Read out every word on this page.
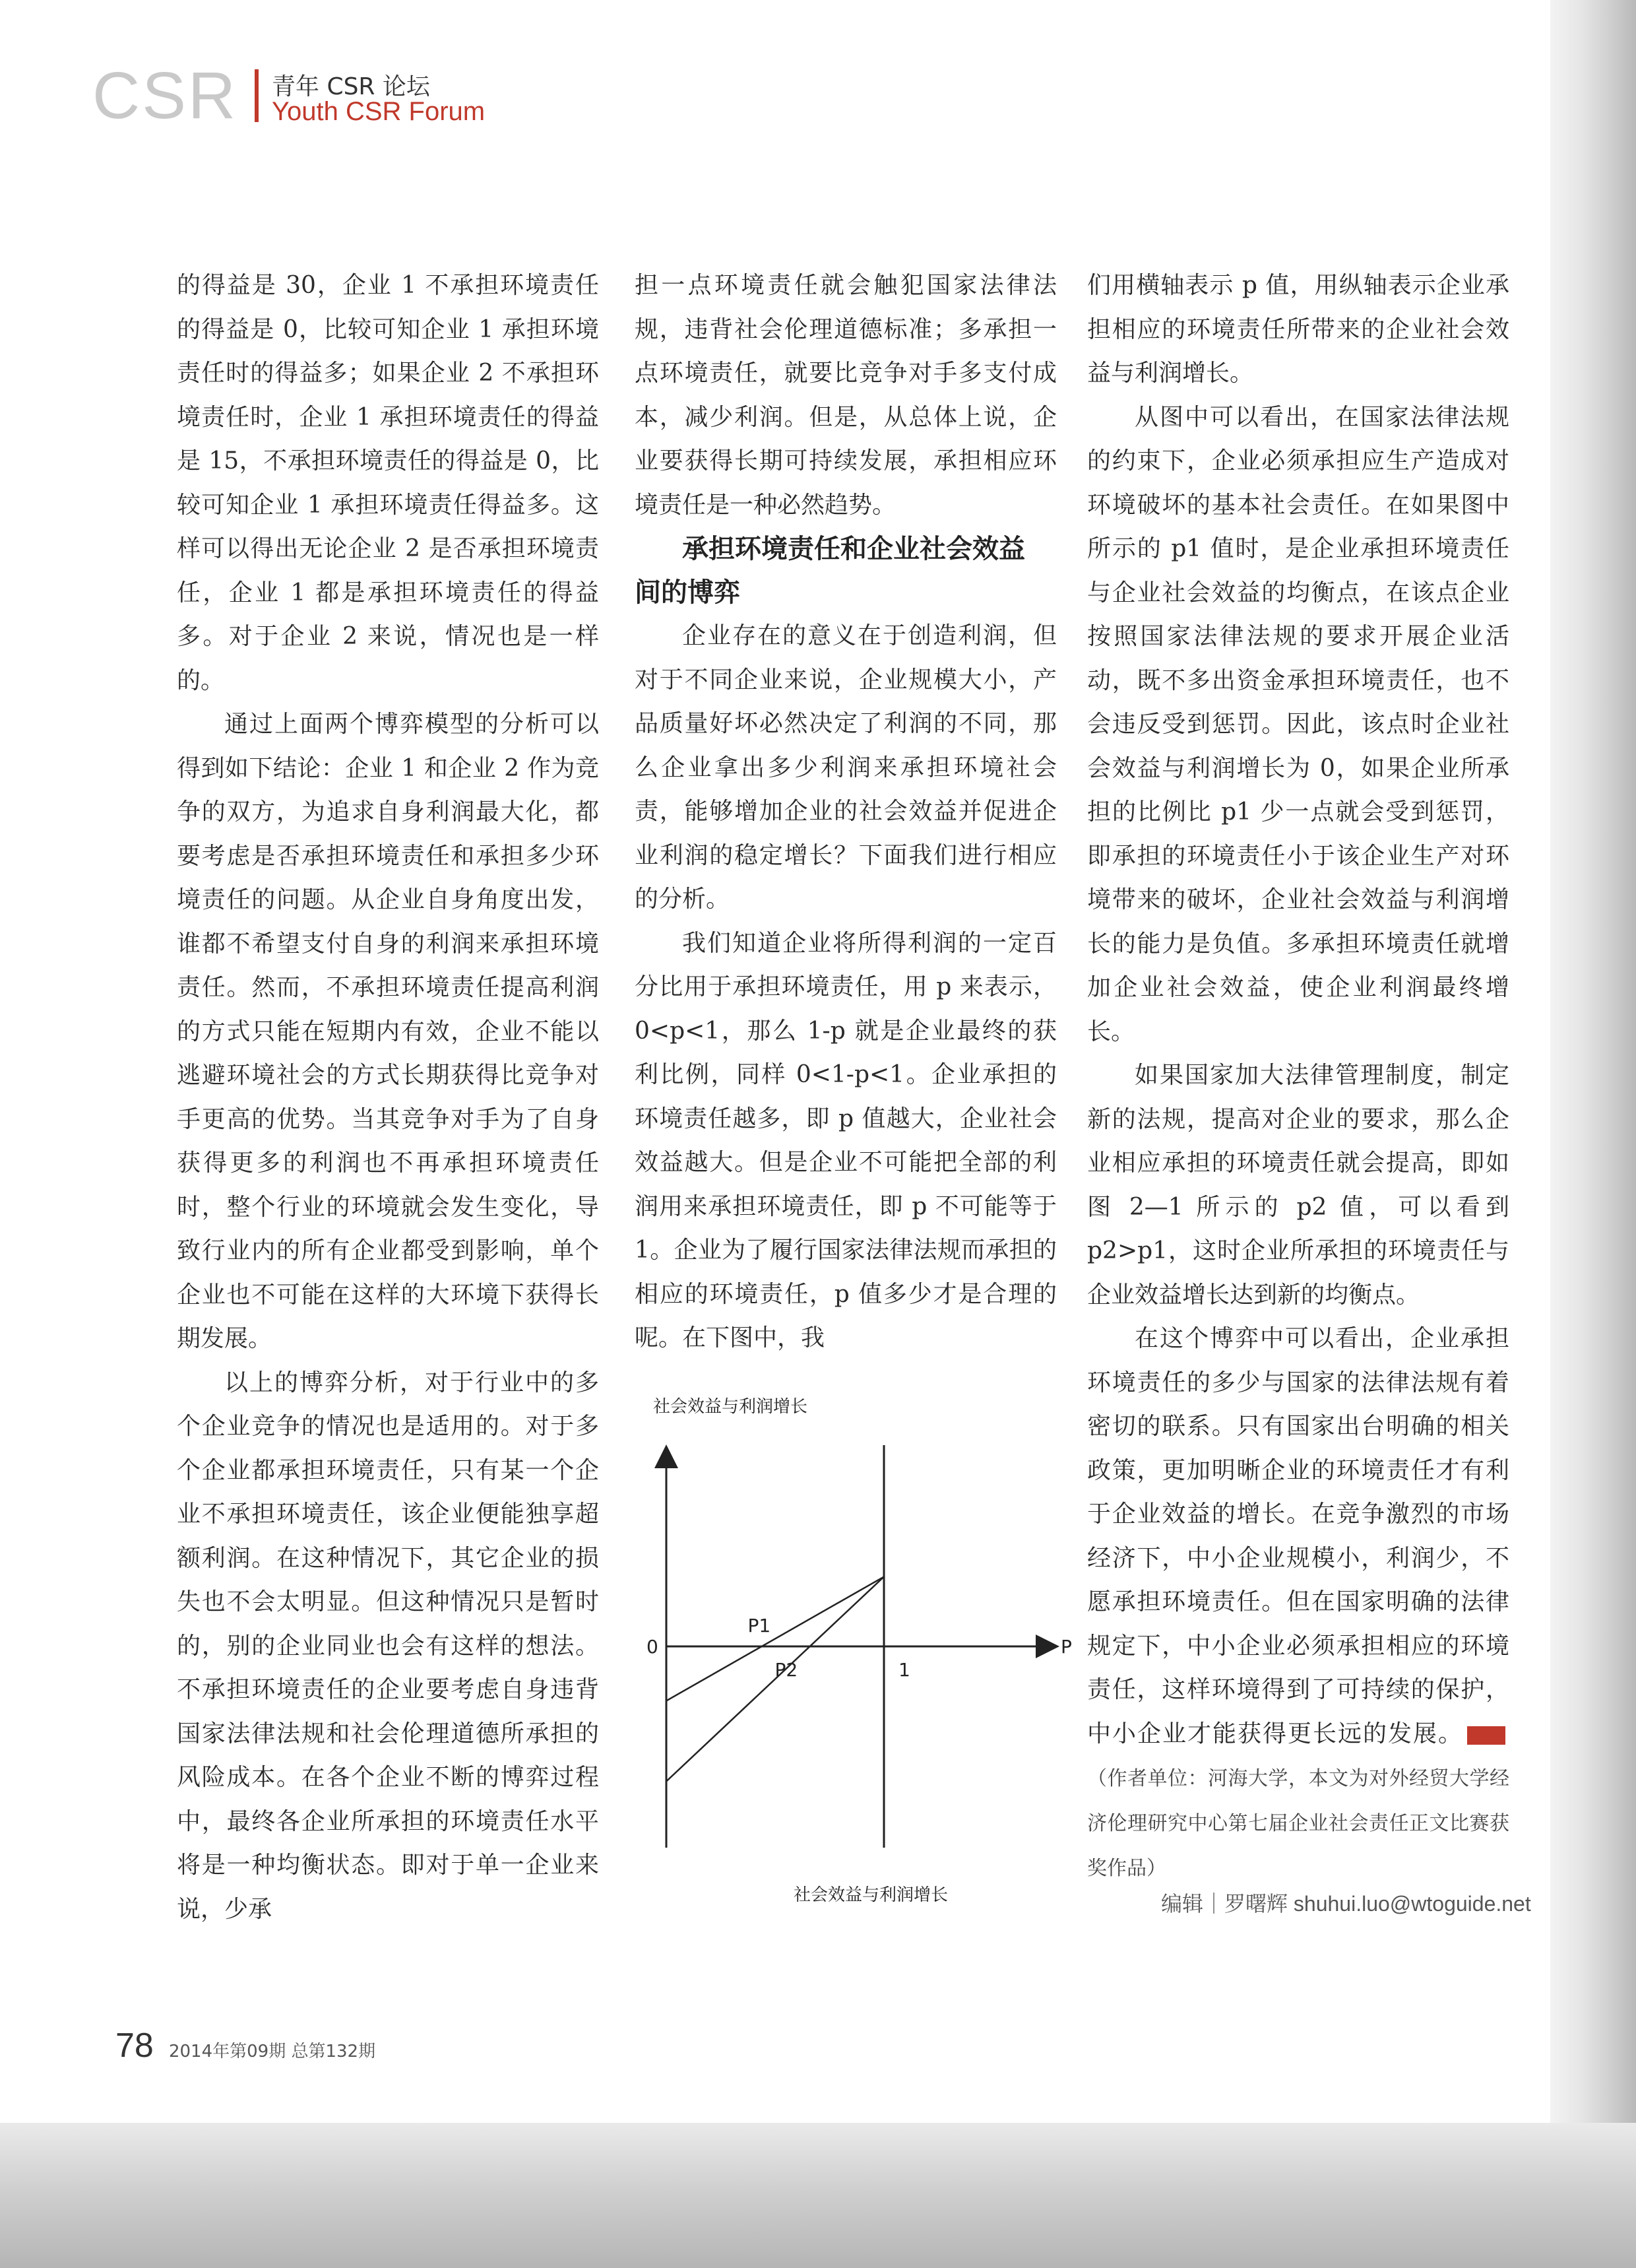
CSR 青年 CSR 论坛
Youth CSR Forum

的得益是 30，企业 1 不承担环境责任的得益是 0，比较可知企业 1 承担环境责任时的得益多；如果企业 2 不承担环境责任时，企业 1 承担环境责任的得益是 15，不承担环境责任的得益是 0，比较可知企业 1 承担环境责任得益多。这样可以得出无论企业 2 是否承担环境责任，企业 1 都是承担环境责任的得益多。对于企业 2 来说，情况也是一样的。

通过上面两个博弈模型的分析可以得到如下结论：企业 1 和企业 2 作为竞争的双方，为追求自身利润最大化，都要考虑是否承担环境责任和承担多少环境责任的问题。从企业自身角度出发，谁都不希望支付自身的利润来承担环境责任。然而，不承担环境责任提高利润的方式只能在短期内有效，企业不能以逃避环境社会的方式长期获得比竞争对手更高的优势。当其竞争对手为了自身获得更多的利润也不再承担环境责任时，整个行业的环境就会发生变化，导致行业内的所有企业都受到影响，单个企业也不可能在这样的大环境下获得长期发展。

以上的博弈分析，对于行业中的多个企业竞争的情况也是适用的。对于多个企业都承担环境责任，只有某一个企业不承担环境责任，该企业便能独享超额利润。在这种情况下，其它企业的损失也不会太明显。但这种情况只是暂时的，别的企业同业也会有这样的想法。不承担环境责任的企业要考虑自身违背国家法律法规和社会伦理道德所承担的风险成本。在各个企业不断的博弈过程中，最终各企业所承担的环境责任水平将是一种均衡状态。即对于单一企业来说，少承

担一点环境责任就会触犯国家法律法规，违背社会伦理道德标准；多承担一点环境责任，就要比竞争对手多支付成本，减少利润。但是，从总体上说，企业要获得长期可持续发展，承担相应环境责任是一种必然趋势。

承担环境责任和企业社会效益
间的博弈

企业存在的意义在于创造利润，但对于不同企业来说，企业规模大小，产品质量好坏必然决定了利润的不同，那么企业拿出多少利润来承担环境社会责，能够增加企业的社会效益并促进企业利润的稳定增长？下面我们进行相应的分析。

我们知道企业将所得利润的一定百分比用于承担环境责任，用 p 来表示，0<p<1，那么 1-p 就是企业最终的获利比例，同样 0<1-p<1。企业承担的环境责任越多，即 p 值越大，企业社会效益越大。但是企业不可能把全部的利润用来承担环境责任，即 p 不可能等于 1。企业为了履行国家法律法规而承担的相应的环境责任，p 值多少才是合理的呢。在下图中，我

社会效益与利润增长
P
0
1
P1
P2
社会效益与利润增长

们用横轴表示 p 值，用纵轴表示企业承担相应的环境责任所带来的企业社会效益与利润增长。

从图中可以看出，在国家法律法规的约束下，企业必须承担应生产造成对环境破坏的基本社会责任。在如果图中所示的 p1 值时，是企业承担环境责任与企业社会效益的均衡点，在该点企业按照国家法律法规的要求开展企业活动，既不多出资金承担环境责任，也不会违反受到惩罚。因此，该点时企业社会效益与利润增长为 0，如果企业所承担的比例比 p1 少一点就会受到惩罚，即承担的环境责任小于该企业生产对环境带来的破坏，企业社会效益与利润增长的能力是负值。多承担环境责任就增加企业社会效益，使企业利润最终增长。

如果国家加大法律管理制度，制定新的法规，提高对企业的要求，那么企业相应承担的环境责任就会提高，即如图 2—1 所示的 p2 值，可以看到 p2>p1，这时企业所承担的环境责任与企业效益增长达到新的均衡点。

在这个博弈中可以看出，企业承担环境责任的多少与国家的法律法规有着密切的联系。只有国家出台明确的相关政策，更加明晰企业的环境责任才有利于企业效益的增长。在竞争激烈的市场经济下，中小企业规模小，利润少，不愿承担环境责任。但在国家明确的法律规定下，中小企业必须承担相应的环境责任，这样环境得到了可持续的保护，中小企业才能获得更长远的发展。	WTO（作者单位：河海大学，本文为对外经贸大学经济伦理研究中心第七届企业社会责任正文比赛获奖作品）

编辑｜罗曙辉 shuhui.luo@wtoguide.net
78 2014年第09期 总第132期
